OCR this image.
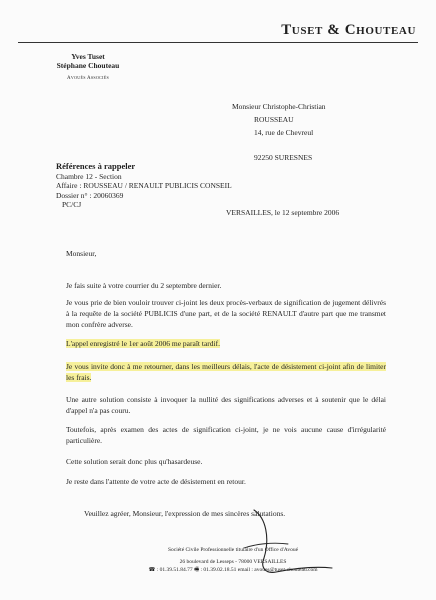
Tuset & Chouteau
Yves Tuset
Stéphane Chouteau
Avoués Associés
Monsieur Christophe-Christian
ROUSSEAU
14, rue de Chevreul
92250 SURESNES
Références à rappeler
Chambre 12 - Section
Affaire : ROUSSEAU / RENAULT PUBLICIS CONSEIL
Dossier n° : 20060369
PC/CJ
VERSAILLES, le 12 septembre 2006
Monsieur,
Je fais suite à votre courrier du 2 septembre dernier.
Je vous prie de bien vouloir trouver ci-joint les deux procès-verbaux de signification de jugement délivrés à la requête de la société PUBLICIS d'une part, et de la société RENAULT d'autre part que me transmet mon confrère adverse.
L'appel enregistré le 1er août 2006 me paraît tardif.
Je vous invite donc à me retourner, dans les meilleurs délais, l'acte de désistement ci-joint afin de limiter les frais.
Une autre solution consiste à invoquer la nullité des significations adverses et à soutenir que le délai d'appel n'a pas couru.
Toutefois, après examen des actes de signification ci-joint, je ne vois aucune cause d'irrégularité particulière.
Cette solution serait donc plus qu'hasardeuse.
Je reste dans l'attente de votre acte de désistement en retour.
Veuillez agréer, Monsieur, l'expression de mes sincères salutations.
Société Civile Professionnelle titulaire d'un Office d'Avoué
26 boulevard de Lesseps - 78000 VERSAILLES
☎ : 01.39.51.84.77 🖷 : 01.39.02.18.51 email : avoues@tuset-chouteau.com
